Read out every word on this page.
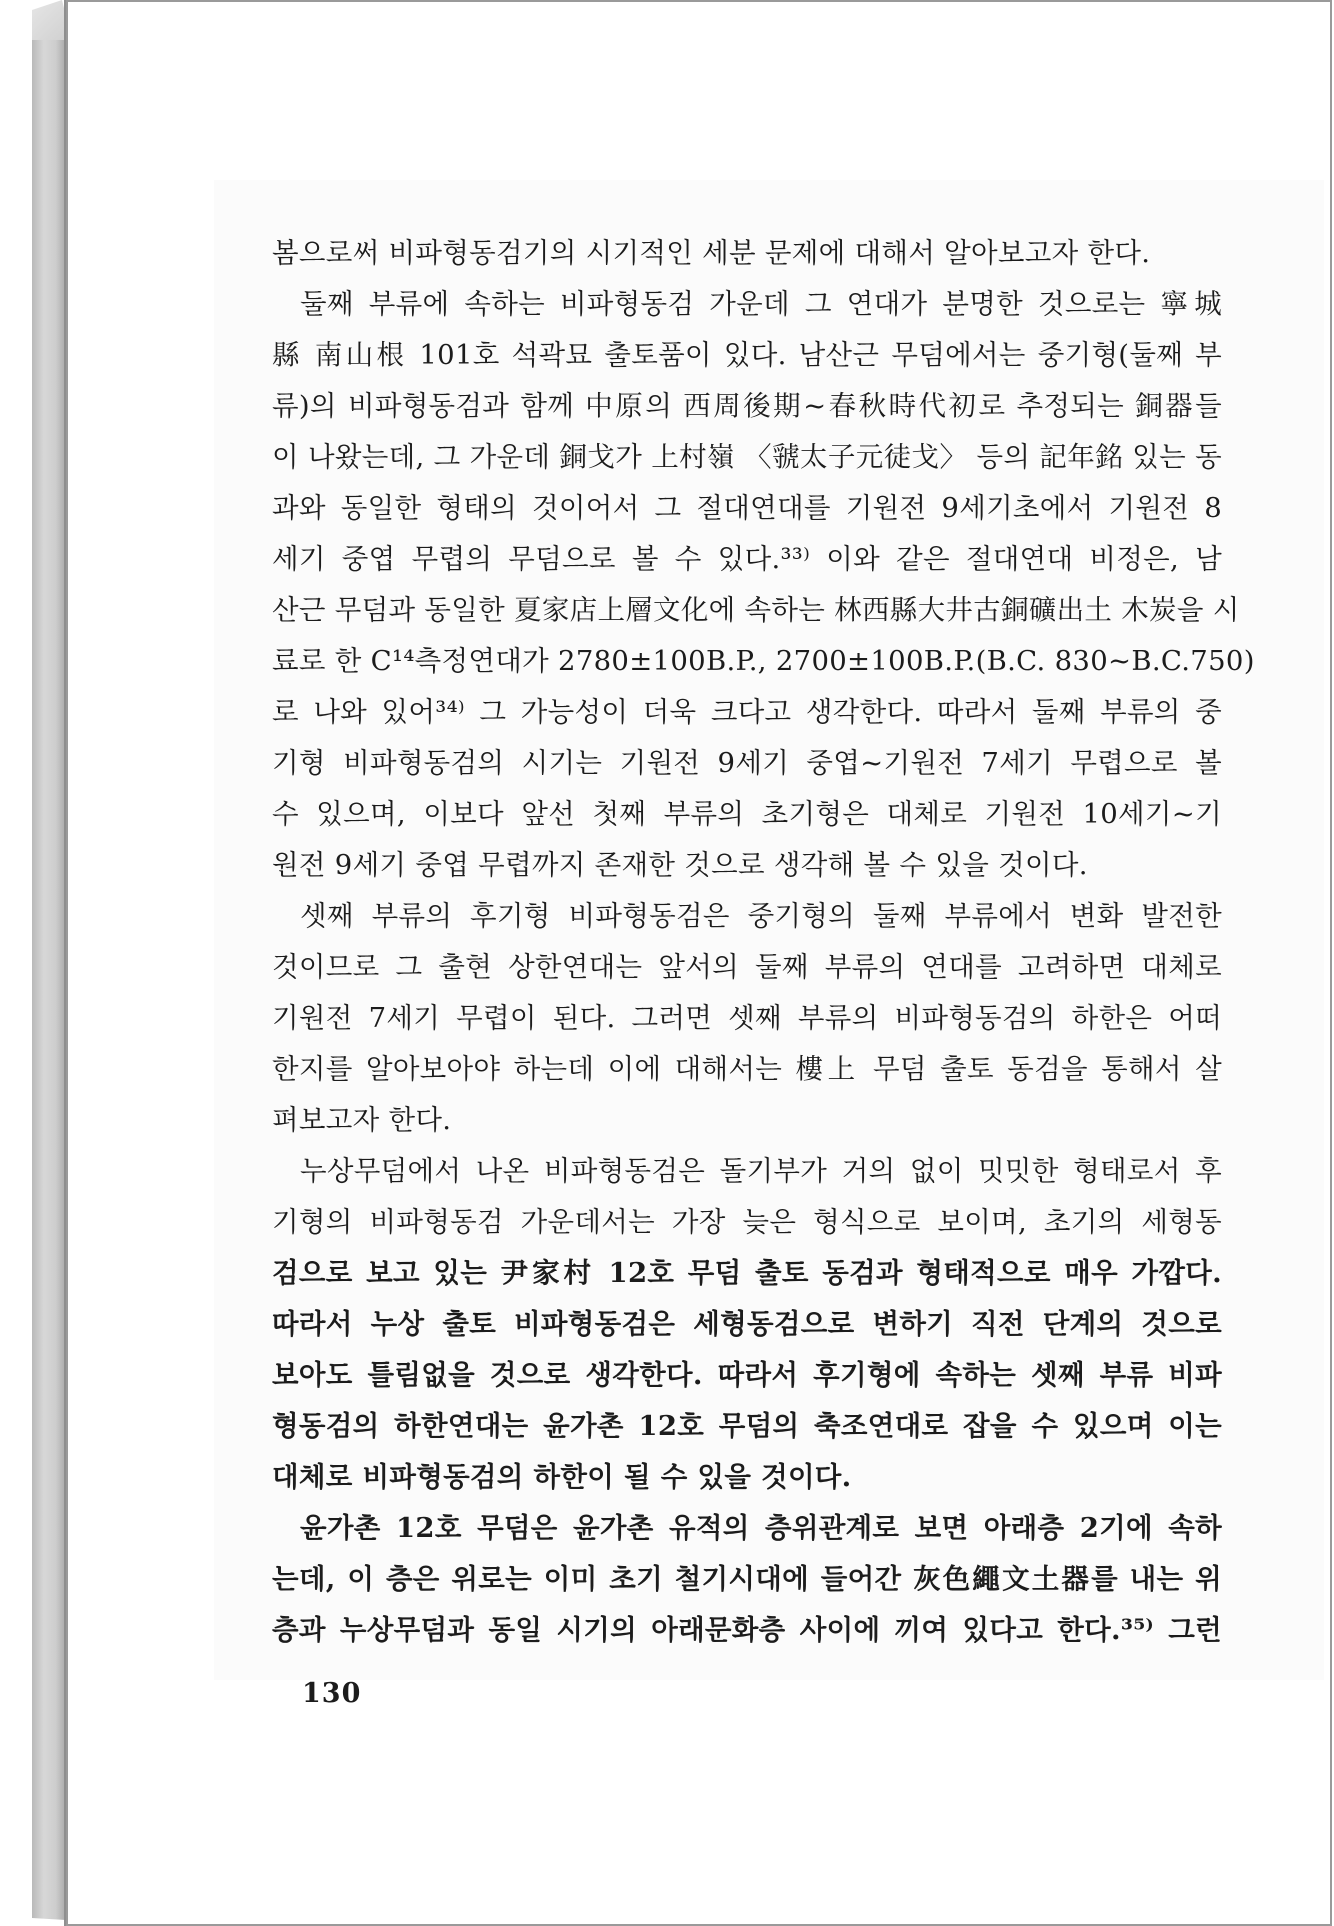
봄으로써 비파형동검기의 시기적인 세분 문제에 대해서 알아보고자 한다.
둘째 부류에 속하는 비파형동검 가운데 그 연대가 분명한 것으로는 寧城
縣 南山根 101호 석곽묘 출토품이 있다. 남산근 무덤에서는 중기형(둘째 부
류)의 비파형동검과 함께 中原의 西周後期~春秋時代初로 추정되는 銅器들
이 나왔는데, 그 가운데 銅戈가 上村嶺 〈虢太子元徒戈〉 등의 記年銘 있는 동
과와 동일한 형태의 것이어서 그 절대연대를 기원전 9세기초에서 기원전 8
세기 중엽 무렵의 무덤으로 볼 수 있다.³³⁾ 이와 같은 절대연대 비정은, 남
산근 무덤과 동일한 夏家店上層文化에 속하는 林西縣大井古銅礦出土 木炭을 시
료로 한 C¹⁴측정연대가 2780±100B.P., 2700±100B.P.(B.C. 830~B.C.750)
로 나와 있어³⁴⁾ 그 가능성이 더욱 크다고 생각한다. 따라서 둘째 부류의 중
기형 비파형동검의 시기는 기원전 9세기 중엽~기원전 7세기 무렵으로 볼
수 있으며, 이보다 앞선 첫째 부류의 초기형은 대체로 기원전 10세기~기
원전 9세기 중엽 무렵까지 존재한 것으로 생각해 볼 수 있을 것이다.
셋째 부류의 후기형 비파형동검은 중기형의 둘째 부류에서 변화 발전한
것이므로 그 출현 상한연대는 앞서의 둘째 부류의 연대를 고려하면 대체로
기원전 7세기 무렵이 된다. 그러면 셋째 부류의 비파형동검의 하한은 어떠
한지를 알아보아야 하는데 이에 대해서는 樓上 무덤 출토 동검을 통해서 살
펴보고자 한다.
누상무덤에서 나온 비파형동검은 돌기부가 거의 없이 밋밋한 형태로서 후
기형의 비파형동검 가운데서는 가장 늦은 형식으로 보이며, 초기의 세형동
검으로 보고 있는 尹家村 12호 무덤 출토 동검과 형태적으로 매우 가깝다.
따라서 누상 출토 비파형동검은 세형동검으로 변하기 직전 단계의 것으로
보아도 틀림없을 것으로 생각한다. 따라서 후기형에 속하는 셋째 부류 비파
형동검의 하한연대는 윤가촌 12호 무덤의 축조연대로 잡을 수 있으며 이는
대체로 비파형동검의 하한이 될 수 있을 것이다.
윤가촌 12호 무덤은 윤가촌 유적의 층위관계로 보면 아래층 2기에 속하
는데, 이 층은 위로는 이미 초기 철기시대에 들어간 灰色繩文土器를 내는 위
층과 누상무덤과 동일 시기의 아래문화층 사이에 끼여 있다고 한다.³⁵⁾ 그런
130
